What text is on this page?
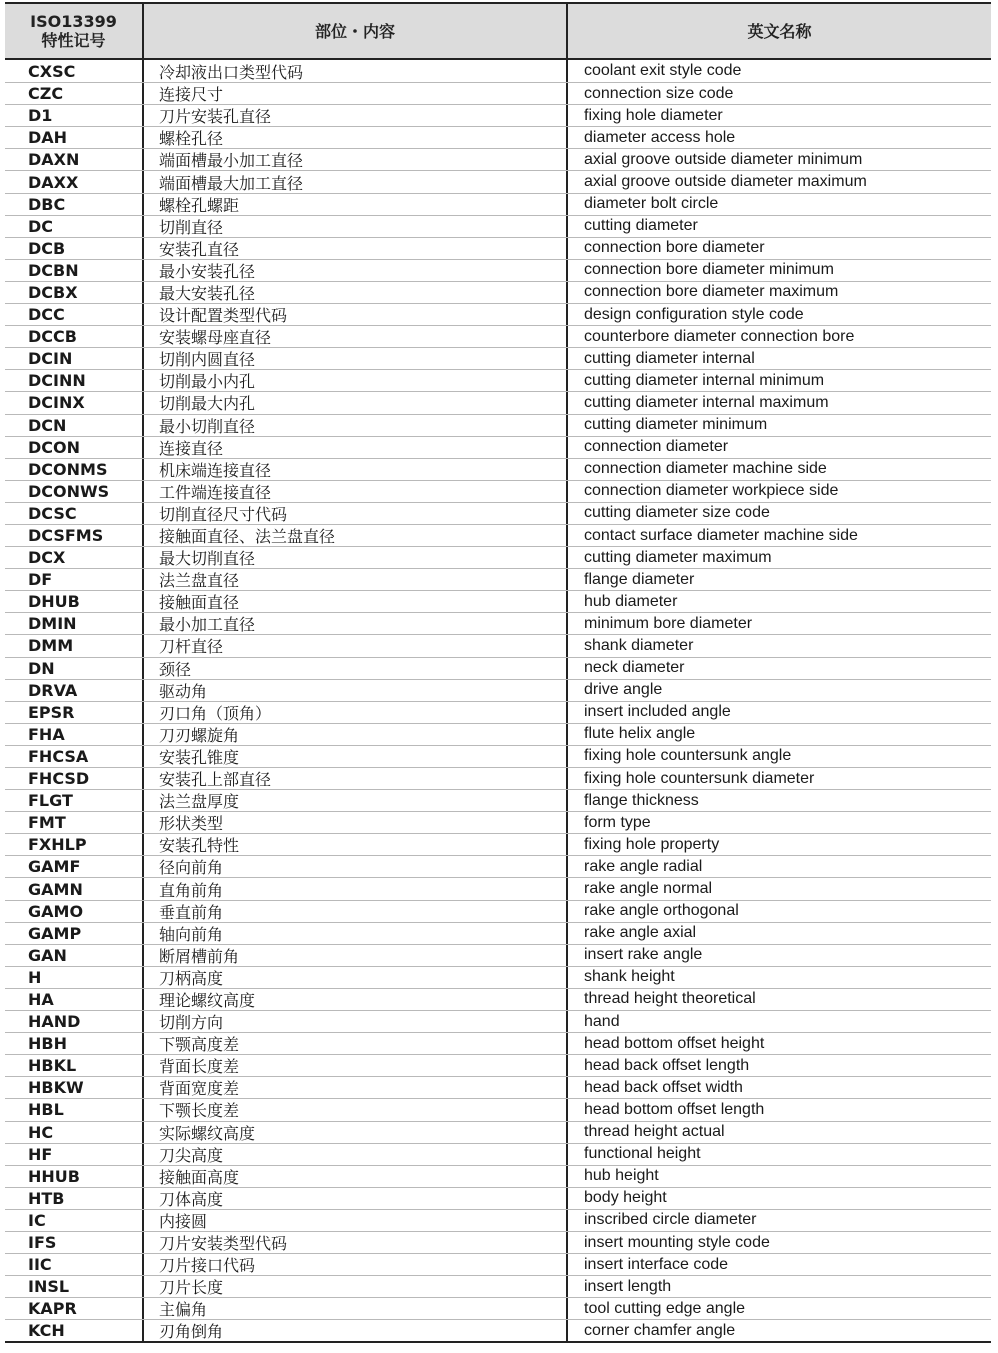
ISO13399
特性记号	部位・内容	英文名称
CXSC	冷却液出口类型代码	coolant exit style code
CZC	连接尺寸	connection size code
D1	刀片安装孔直径	fixing hole diameter
DAH	螺栓孔径	diameter access hole
DAXN	端面槽最小加工直径	axial groove outside diameter minimum
DAXX	端面槽最大加工直径	axial groove outside diameter maximum
DBC	螺栓孔螺距	diameter bolt circle
DC	切削直径	cutting diameter
DCB	安装孔直径	connection bore diameter
DCBN	最小安装孔径	connection bore diameter minimum
DCBX	最大安装孔径	connection bore diameter maximum
DCC	设计配置类型代码	design configuration style code
DCCB	安装螺母座直径	counterbore diameter connection bore
DCIN	切削内圆直径	cutting diameter internal
DCINN	切削最小内孔	cutting diameter internal minimum
DCINX	切削最大内孔	cutting diameter internal maximum
DCN	最小切削直径	cutting diameter minimum
DCON	连接直径	connection diameter
DCONMS	机床端连接直径	connection diameter machine side
DCONWS	工件端连接直径	connection diameter workpiece side
DCSC	切削直径尺寸代码	cutting diameter size code
DCSFMS	接触面直径、法兰盘直径	contact surface diameter machine side
DCX	最大切削直径	cutting diameter maximum
DF	法兰盘直径	flange diameter
DHUB	接触面直径	hub diameter
DMIN	最小加工直径	minimum bore diameter
DMM	刀杆直径	shank diameter
DN	颈径	neck diameter
DRVA	驱动角	drive angle
EPSR	刃口角（顶角）	insert included angle
FHA	刀刃螺旋角	flute helix angle
FHCSA	安装孔锥度	fixing hole countersunk angle
FHCSD	安装孔上部直径	fixing hole countersunk diameter
FLGT	法兰盘厚度	flange thickness
FMT	形状类型	form type
FXHLP	安装孔特性	fixing hole property
GAMF	径向前角	rake angle radial
GAMN	直角前角	rake angle normal
GAMO	垂直前角	rake angle orthogonal
GAMP	轴向前角	rake angle axial
GAN	断屑槽前角	insert rake angle
H	刀柄高度	shank height
HA	理论螺纹高度	thread height theoretical
HAND	切削方向	hand
HBH	下颚高度差	head bottom offset height
HBKL	背面长度差	head back offset length
HBKW	背面宽度差	head back offset width
HBL	下颚长度差	head bottom offset length
HC	实际螺纹高度	thread height actual
HF	刀尖高度	functional height
HHUB	接触面高度	hub height
HTB	刀体高度	body height
IC	内接圆	inscribed circle diameter
IFS	刀片安装类型代码	insert mounting style code
IIC	刀片接口代码	insert interface code
INSL	刀片长度	insert length
KAPR	主偏角	tool cutting edge angle
KCH	刃角倒角	corner chamfer angle
